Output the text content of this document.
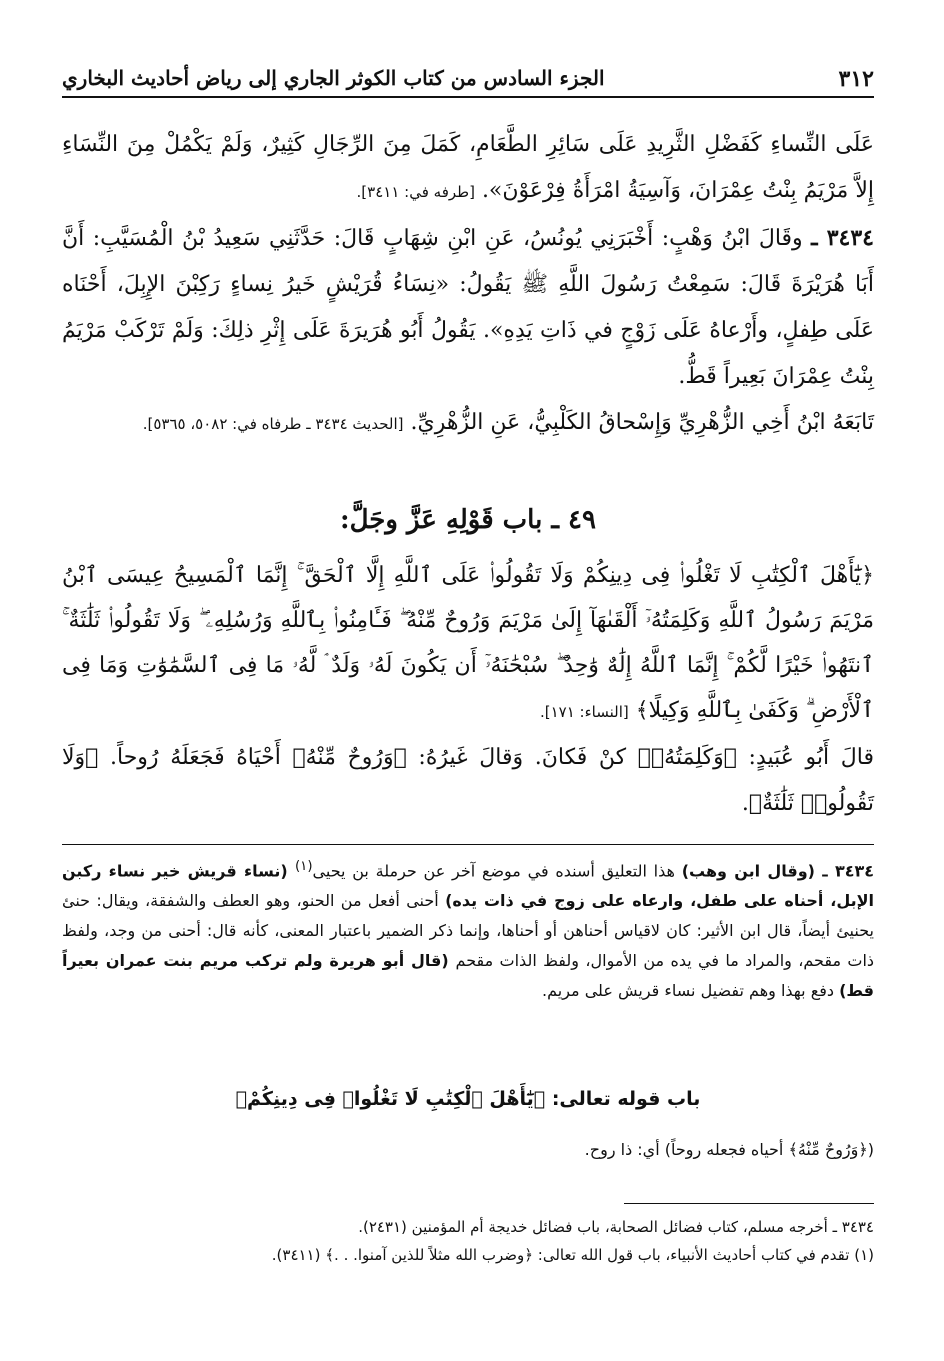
٣١٢
الجزء السادس من كتاب الكوثر الجاري إلى رياض أحاديث البخاري

عَلَى النِّساءِ كَفَضْلِ الثَّرِيدِ عَلَى سَائِرِ الطَّعَامِ، كَمَلَ مِنَ الرِّجَالِ كَثِيرٌ، وَلَمْ يَكْمُلْ مِنَ النِّسَاءِ إِلاَّ مَرْيَمُ بِنْتُ عِمْرَانَ، وَآسِيَةُ امْرَأَةُ فِرْعَوْنَ». [طرفه في: ٣٤١١].

٣٤٣٤ ـ وقَالَ ابْنُ وَهْبٍ: أَخْبَرَنِي يُونُسُ، عَنِ ابْنِ شِهَابٍ قَالَ: حَدَّثَنِي سَعِيدُ بْنُ الْمُسَيَّبِ: أَنَّ أَبَا هُرَيْرَةَ قَالَ: سَمِعْتُ رَسُولَ اللَّهِ ﷺ يَقُولُ: «نِسَاءُ قُرَيْشٍ خَيرُ نِساءٍ رَكِبْنَ الإِبِلَ، أَحْنَاه عَلَى طِفلٍ، وأَرْعاهُ عَلَى زَوْجٍ في ذَاتِ يَدِهِ». يَقُولُ أَبُو هُرَيرَةَ عَلَى إِثْرِ ذلِكَ: وَلَمْ تَرْكَبْ مَرْيَمُ بِنْتُ عِمْرَانَ بَعِيراً قَطُّ.

تَابَعَهُ ابْنُ أَخِي الزُّهْرِيِّ وَإِسْحاقُ الكَلْبِيُّ، عَنِ الزُّهْرِيِّ. [الحديث ٣٤٣٤ ـ طرفاه في: ٥٠٨٢، ٥٣٦٥].

٤٩ ـ باب قَوْلِهِ عَزَّ وجَلَّ:

﴿يَٰٓأَهْلَ ٱلْكِتَٰبِ لَا تَغْلُوا۟ فِى دِينِكُمْ وَلَا تَقُولُوا۟ عَلَى ٱللَّهِ إِلَّا ٱلْحَقَّ ۚ إِنَّمَا ٱلْمَسِيحُ عِيسَى ٱبْنُ مَرْيَمَ رَسُولُ ٱللَّهِ وَكَلِمَتُهُۥٓ أَلْقَىٰهَآ إِلَىٰ مَرْيَمَ وَرُوحٌ مِّنْهُ ۖ فَـَٔامِنُوا۟ بِٱللَّهِ وَرُسُلِهِۦ ۖ وَلَا تَقُولُوا۟ ثَلَٰثَةٌ ۚ ٱنتَهُوا۟ خَيْرًا لَّكُمْ ۚ إِنَّمَا ٱللَّهُ إِلَٰهٌ وَٰحِدٌ ۖ سُبْحَٰنَهُۥٓ أَن يَكُونَ لَهُۥ وَلَدٌ ۘ لَّهُۥ مَا فِى ٱلسَّمَٰوَٰتِ وَمَا فِى ٱلْأَرْضِ ۗ وَكَفَىٰ بِٱللَّهِ وَكِيلًا﴾ [النساء: ١٧١].

قالَ أَبُو عُبَيدٍ: ﴿وَكَلِمَتُهُۥ﴾ كنْ فَكانَ. وَقالَ غَيرُهُ: ﴿وَرُوحٌ مِّنْهُ﴾ أَحْيَاهُ فَجَعَلَهُ رُوحاً. ﴿وَلَا تَقُولُوا۟ ثَلَٰثَةٌ﴾.

٣٤٣٤ ـ (وقال ابن وهب) هذا التعليق أسنده في موضع آخر عن حرملة بن يحيى$^{(١)}$ (نساء قريش خير نساء ركبن الإبل، أحناه على طفل، وارعاه على زوج في ذات يده) أحنى أفعل من الحنو، وهو العطف والشفقة، ويقال: حنئ يحنيئ أيضاً، قال ابن الأثير: كان لاقياس أحناهن أو أحناها، وإنما ذكر الضمير باعتبار المعنى، كأنه قال: أحنى من وجد، ولفظ ذات مقحم، والمراد ما في يده من الأموال، ولفظ الذات مقحم (قال أبو هريرة ولم تركب مريم بنت عمران بعيراً قط) دفع بهذا وهم تفضيل نساء قريش على مريم.

باب قوله تعالى: ﴿يَٰٓأَهْلَ ٱلْكِتَٰبِ لَا تَغْلُوا۟ فِى دِينِكُمْ﴾

(﴿وَرُوحٌ مِّنْهُ﴾ أحياه فجعله روحاً) أي: ذا روح.

٣٤٣٤ ـ أخرجه مسلم، كتاب فضائل الصحابة، باب فضائل خديجة أم المؤمنين (٢٤٣١).

(١) تقدم في كتاب أحاديث الأنبياء، باب قول الله تعالى: ﴿وضرب الله مثلاً للذين آمنوا. . .﴾ (٣٤١١).
